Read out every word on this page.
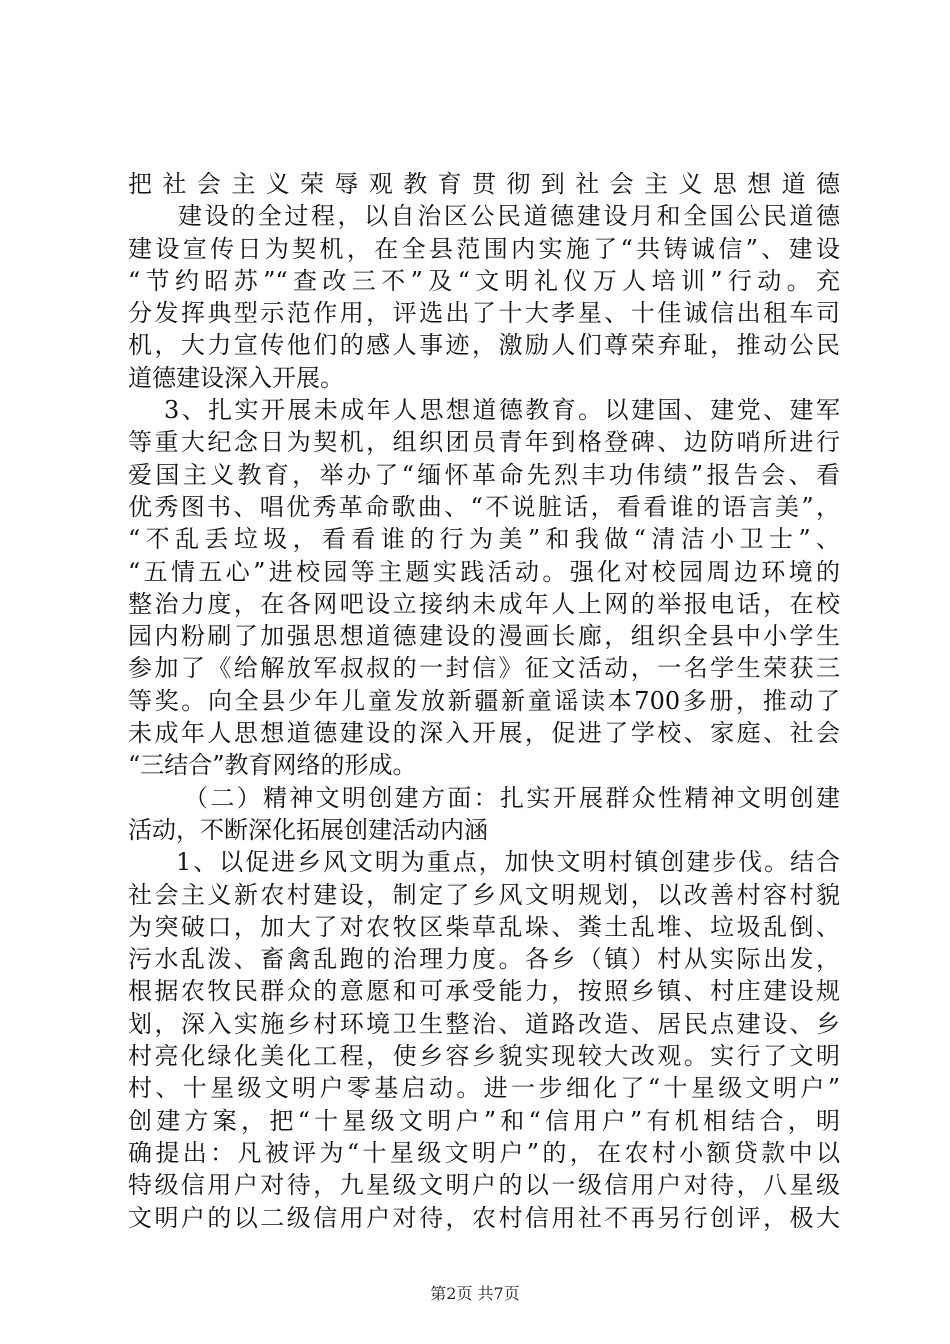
把社会主义荣辱观教育贯彻到社会主义思想道德
建设的全过程，以自治区公民道德建设月和全国公民道德
建设宣传日为契机，在全县范围内实施了“共铸诚信”、建设
“节约昭苏”“查改三不”及“文明礼仪万人培训”行动。充
分发挥典型示范作用，评选出了十大孝星、十佳诚信出租车司
机，大力宣传他们的感人事迹，激励人们尊荣弃耻，推动公民
道德建设深入开展。
3、扎实开展未成年人思想道德教育。以建国、建党、建军
等重大纪念日为契机，组织团员青年到格登碑、边防哨所进行
爱国主义教育，举办了“缅怀革命先烈丰功伟绩”报告会、看
优秀图书、唱优秀革命歌曲、“不说脏话，看看谁的语言美”，
“不乱丢垃圾，看看谁的行为美”和我做“清洁小卫士”、
“五情五心”进校园等主题实践活动。强化对校园周边环境的
整治力度，在各网吧设立接纳未成年人上网的举报电话，在校
园内粉刷了加强思想道德建设的漫画长廊，组织全县中小学生
参加了《给解放军叔叔的一封信》征文活动，一名学生荣获三
等奖。向全县少年儿童发放新疆新童谣读本700多册，推动了
未成年人思想道德建设的深入开展，促进了学校、家庭、社会
“三结合”教育网络的形成。
（二）精神文明创建方面：扎实开展群众性精神文明创建
活动，不断深化拓展创建活动内涵
1、以促进乡风文明为重点，加快文明村镇创建步伐。结合
社会主义新农村建设，制定了乡风文明规划，以改善村容村貌
为突破口，加大了对农牧区柴草乱垛、粪土乱堆、垃圾乱倒、
污水乱泼、畜禽乱跑的治理力度。各乡（镇）村从实际出发，
根据农牧民群众的意愿和可承受能力，按照乡镇、村庄建设规
划，深入实施乡村环境卫生整治、道路改造、居民点建设、乡
村亮化绿化美化工程，使乡容乡貌实现较大改观。实行了文明
村、十星级文明户零基启动。进一步细化了“十星级文明户”
创建方案，把“十星级文明户”和“信用户”有机相结合，明
确提出：凡被评为“十星级文明户”的，在农村小额贷款中以
特级信用户对待，九星级文明户的以一级信用户对待，八星级
文明户的以二级信用户对待，农村信用社不再另行创评，极大
第2页 共7页
